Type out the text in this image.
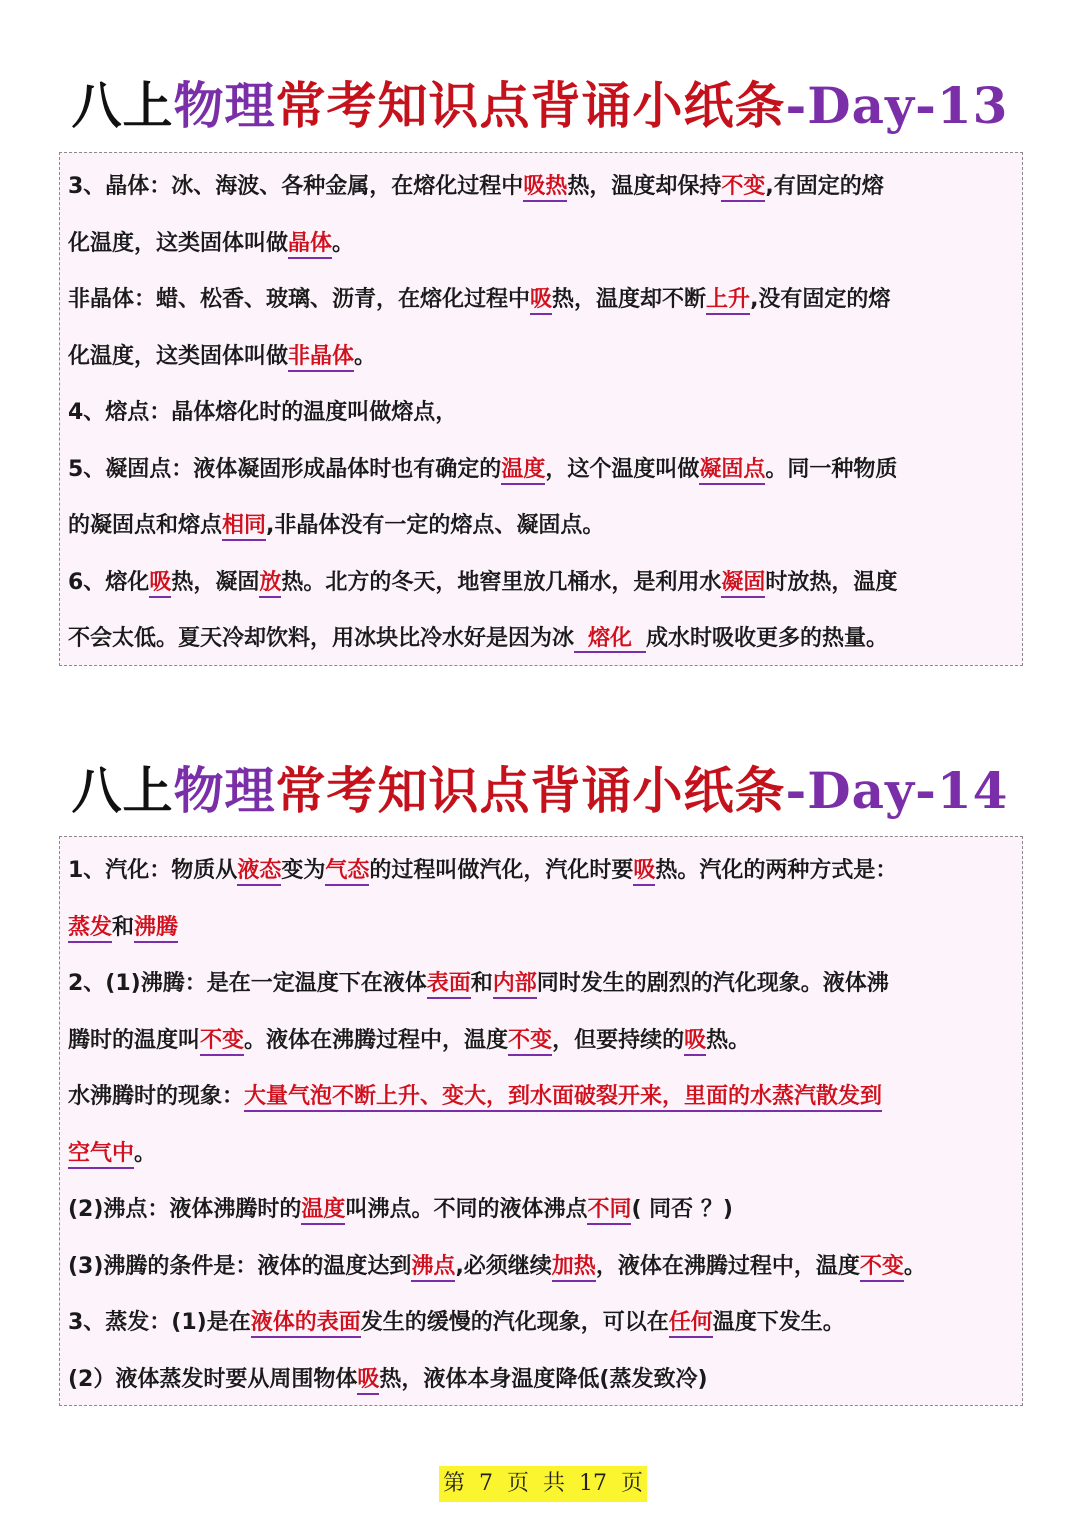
八上物理常考知识点背诵小纸条-Day-13
3、晶体：冰、海波、各种金属，在熔化过程中吸热热，温度却保持不变,有固定的熔
化温度，这类固体叫做晶体。
非晶体：蜡、松香、玻璃、沥青，在熔化过程中吸热，温度却不断上升,没有固定的熔
化温度，这类固体叫做非晶体。
4、熔点：晶体熔化时的温度叫做熔点，
5、凝固点：液体凝固形成晶体时也有确定的温度，这个温度叫做凝固点。同一种物质
的凝固点和熔点相同,非晶体没有一定的熔点、凝固点。
6、熔化吸热，凝固放热。北方的冬天，地窖里放几桶水，是利用水凝固时放热，温度
不会太低。夏天冷却饮料，用冰块比冷水好是因为冰 熔化 成水时吸收更多的热量。
八上物理常考知识点背诵小纸条-Day-14
1、汽化：物质从液态变为气态的过程叫做汽化，汽化时要吸热。汽化的两种方式是：
蒸发和沸腾
2、(1)沸腾：是在一定温度下在液体表面和内部同时发生的剧烈的汽化现象。液体沸
腾时的温度叫不变。液体在沸腾过程中，温度不变，但要持续的吸热。
水沸腾时的现象：大量气泡不断上升、变大，到水面破裂开来，里面的水蒸汽散发到
空气中。
(2)沸点：液体沸腾时的温度叫沸点。不同的液体沸点不同( 同否 ？)
(3)沸腾的条件是：液体的温度达到沸点,必须继续加热，液体在沸腾过程中，温度不变。
3、蒸发：(1)是在液体的表面发生的缓慢的汽化现象，可以在任何温度下发生。
(2）液体蒸发时要从周围物体吸热，液体本身温度降低(蒸发致冷)
第 7 页 共 17 页
